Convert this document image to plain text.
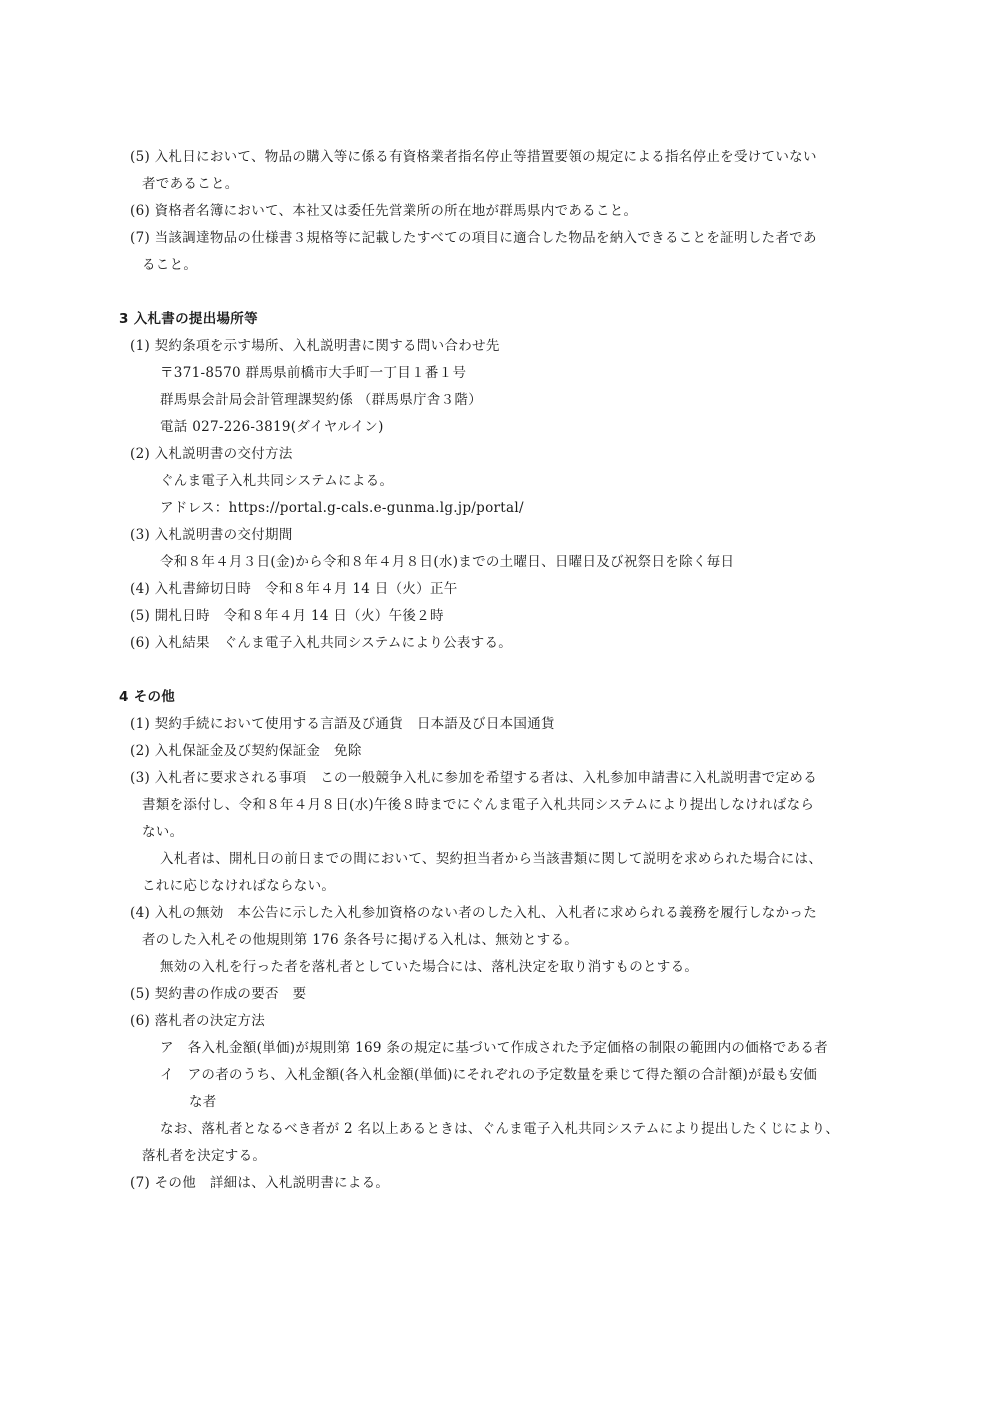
(5) 入札日において、物品の購入等に係る有資格業者指名停止等措置要領の規定による指名停止を受けていない
者であること。
(6) 資格者名簿において、本社又は委任先営業所の所在地が群馬県内であること。
(7) 当該調達物品の仕様書３規格等に記載したすべての項目に適合した物品を納入できることを証明した者であ
ること。
3 入札書の提出場所等
(1) 契約条項を示す場所、入札説明書に関する問い合わせ先
〒371-8570 群馬県前橋市大手町一丁目１番１号
群馬県会計局会計管理課契約係 （群馬県庁舎３階）
電話 027-226-3819(ダイヤルイン)
(2) 入札説明書の交付方法
ぐんま電子入札共同システムによる。
アドレス：https://portal.g-cals.e-gunma.lg.jp/portal/
(3) 入札説明書の交付期間
令和８年４月３日(金)から令和８年４月８日(水)までの土曜日、日曜日及び祝祭日を除く毎日
(4) 入札書締切日時　令和８年４月 14 日（火）正午
(5) 開札日時　令和８年４月 14 日（火）午後２時
(6) 入札結果　ぐんま電子入札共同システムにより公表する。
4 その他
(1) 契約手続において使用する言語及び通貨　日本語及び日本国通貨
(2) 入札保証金及び契約保証金　免除
(3) 入札者に要求される事項　この一般競争入札に参加を希望する者は、入札参加申請書に入札説明書で定める
書類を添付し、令和８年４月８日(水)午後８時までにぐんま電子入札共同システムにより提出しなければなら
ない。
入札者は、開札日の前日までの間において、契約担当者から当該書類に関して説明を求められた場合には、
これに応じなければならない。
(4) 入札の無効　本公告に示した入札参加資格のない者のした入札、入札者に求められる義務を履行しなかった
者のした入札その他規則第 176 条各号に掲げる入札は、無効とする。
無効の入札を行った者を落札者としていた場合には、落札決定を取り消すものとする。
(5) 契約書の作成の要否　要
(6) 落札者の決定方法
ア　各入札金額(単価)が規則第 169 条の規定に基づいて作成された予定価格の制限の範囲内の価格である者
イ　アの者のうち、入札金額(各入札金額(単価)にそれぞれの予定数量を乗じて得た額の合計額)が最も安価
な者
なお、落札者となるべき者が 2 名以上あるときは、ぐんま電子入札共同システムにより提出したくじにより、
落札者を決定する。
(7) その他　詳細は、入札説明書による。
